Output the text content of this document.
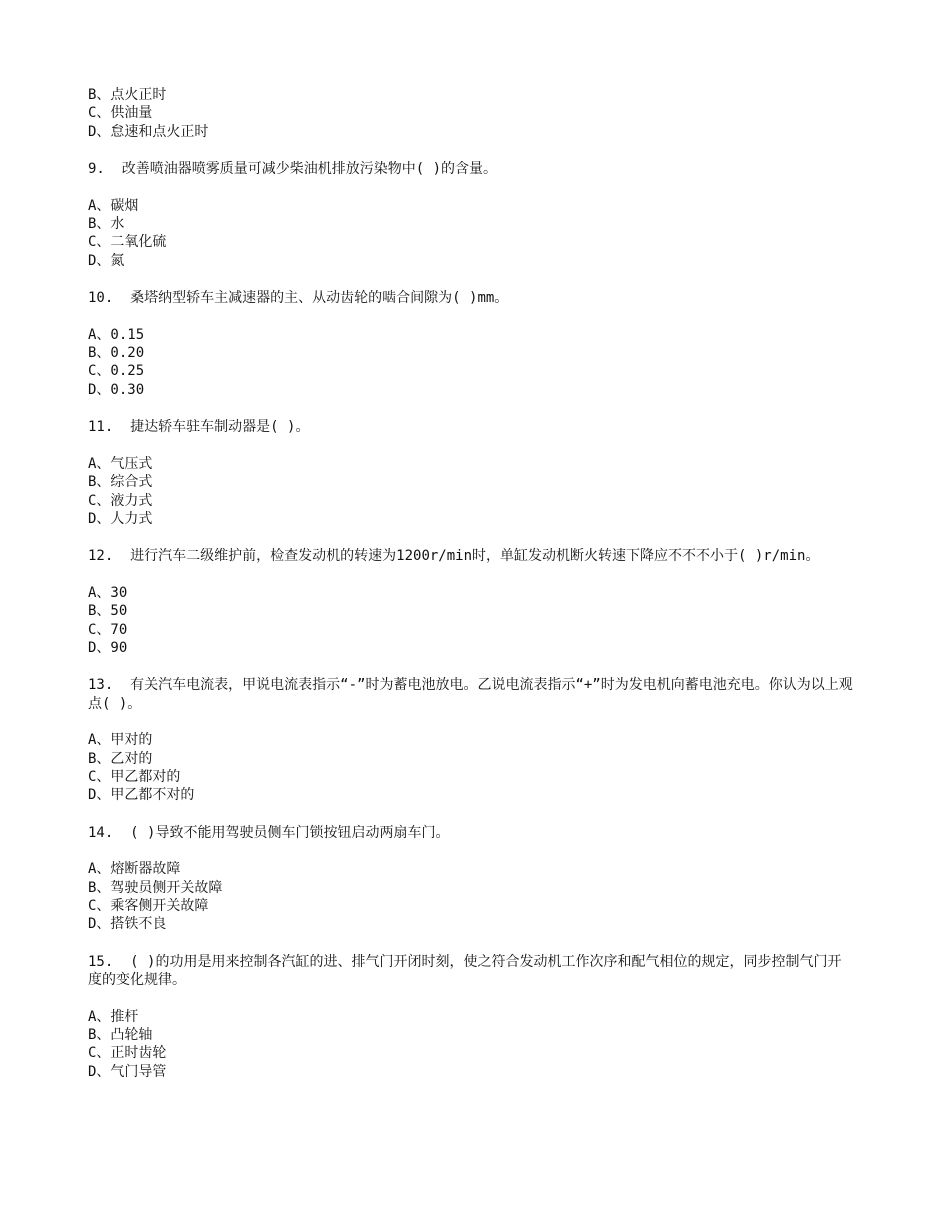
B、点火正时
C、供油量
D、怠速和点火正时
9. 改善喷油器喷雾质量可减少柴油机排放污染物中( )的含量。
A、碳烟
B、水
C、二氧化硫
D、氮
10. 桑塔纳型轿车主减速器的主、从动齿轮的啮合间隙为( )mm。
A、0.15
B、0.20
C、0.25
D、0.30
11. 捷达轿车驻车制动器是( )。
A、气压式
B、综合式
C、液力式
D、人力式
12. 进行汽车二级维护前，检查发动机的转速为1200r/min时，单缸发动机断火转速下降应不不不小于( )r/min。
A、30
B、50
C、70
D、90
13. 有关汽车电流表，甲说电流表指示“-”时为蓄电池放电。乙说电流表指示“+”时为发电机向蓄电池充电。你认为以上观
点( )。
A、甲对的
B、乙对的
C、甲乙都对的
D、甲乙都不对的
14. ( )导致不能用驾驶员侧车门锁按钮启动两扇车门。
A、熔断器故障
B、驾驶员侧开关故障
C、乘客侧开关故障
D、搭铁不良
15. ( )的功用是用来控制各汽缸的进、排气门开闭时刻，使之符合发动机工作次序和配气相位的规定，同步控制气门开
度的变化规律。
A、推杆
B、凸轮轴
C、正时齿轮
D、气门导管
